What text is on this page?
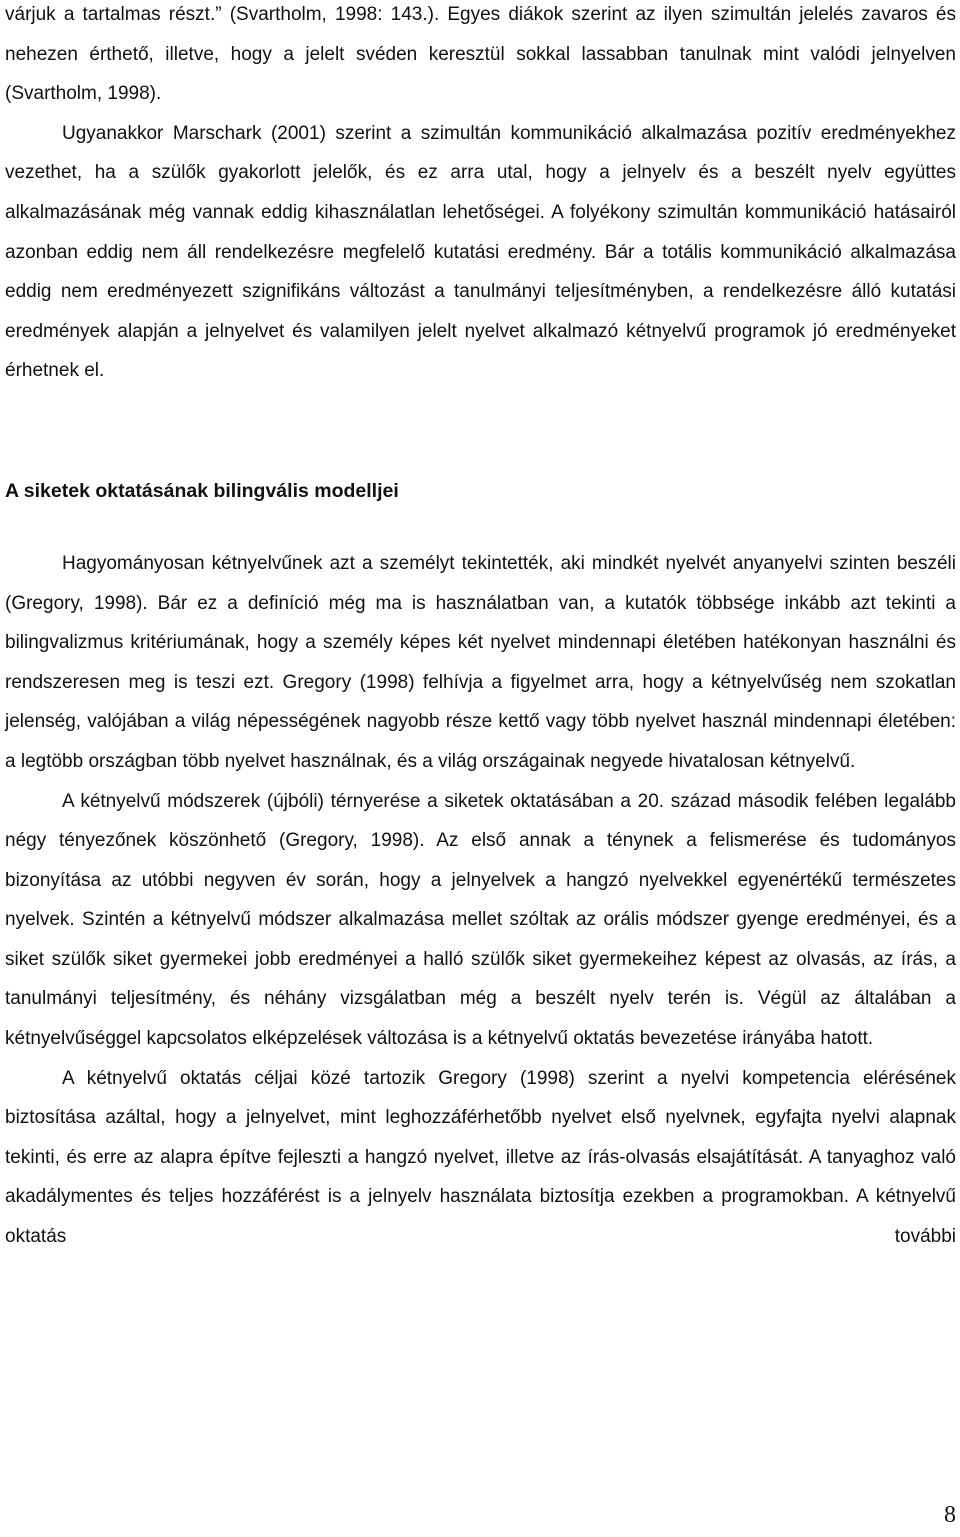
várjuk a tartalmas részt.” (Svartholm, 1998: 143.). Egyes diákok szerint az ilyen szimultán jelelés zavaros és nehezen érthető, illetve, hogy a jelelt svéden keresztül sokkal lassabban tanulnak mint valódi jelnyelven (Svartholm, 1998).

Ugyanakkor Marschark (2001) szerint a szimultán kommunikáció alkalmazása pozitív eredményekhez vezethet, ha a szülők gyakorlott jelelők, és ez arra utal, hogy a jelnyelv és a beszélt nyelv együttes alkalmazásának még vannak eddig kihasználatlan lehetőségei. A folyékony szimultán kommunikáció hatásairól azonban eddig nem áll rendelkezésre megfelelő kutatási eredmény. Bár a totális kommunikáció alkalmazása eddig nem eredményezett szignifikáns változást a tanulmányi teljesítményben, a rendelkezésre álló kutatási eredmények alapján a jelnyelvet és valamilyen jelelt nyelvet alkalmazó kétnyelvű programok jó eredményeket érhetnek el.

A siketek oktatásának bilingvális modelljei

Hagyományosan kétnyelvűnek azt a személyt tekintették, aki mindkét nyelvét anyanyelvi szinten beszéli (Gregory, 1998). Bár ez a definíció még ma is használatban van, a kutatók többsége inkább azt tekinti a bilingvalizmus kritériumának, hogy a személy képes két nyelvet mindennapi életében hatékonyan használni és rendszeresen meg is teszi ezt. Gregory (1998) felhívja a figyelmet arra, hogy a kétnyelvűség nem szokatlan jelenség, valójában a világ népességének nagyobb része kettő vagy több nyelvet használ mindennapi életében: a legtöbb országban több nyelvet használnak, és a világ országainak negyede hivatalosan kétnyelvű.

A kétnyelvű módszerek (újbóli) térnyerése a siketek oktatásában a 20. század második felében legalább négy tényezőnek köszönhető (Gregory, 1998). Az első annak a ténynek a felismerése és tudományos bizonyítása az utóbbi negyven év során, hogy a jelnyelvek a hangzó nyelvekkel egyenértékű természetes nyelvek. Szintén a kétnyelvű módszer alkalmazása mellet szóltak az orális módszer gyenge eredményei, és a siket szülők siket gyermekei jobb eredményei a halló szülők siket gyermekeihez képest az olvasás, az írás, a tanulmányi teljesítmény, és néhány vizsgálatban még a beszélt nyelv terén is. Végül az általában a kétnyelvűséggel kapcsolatos elképzelések változása is a kétnyelvű oktatás bevezetése irányába hatott.

A kétnyelvű oktatás céljai közé tartozik Gregory (1998) szerint a nyelvi kompetencia elérésének biztosítása azáltal, hogy a jelnyelvet, mint leghozzáférhetőbb nyelvet első nyelvnek, egyfajta nyelvi alapnak tekinti, és erre az alapra építve fejleszti a hangzó nyelvet, illetve az írás-olvasás elsajátítását. A tanyaghoz való akadálymentes és teljes hozzáférést is a jelnyelv használata biztosítja ezekben a programokban. A kétnyelvű oktatás további

8
